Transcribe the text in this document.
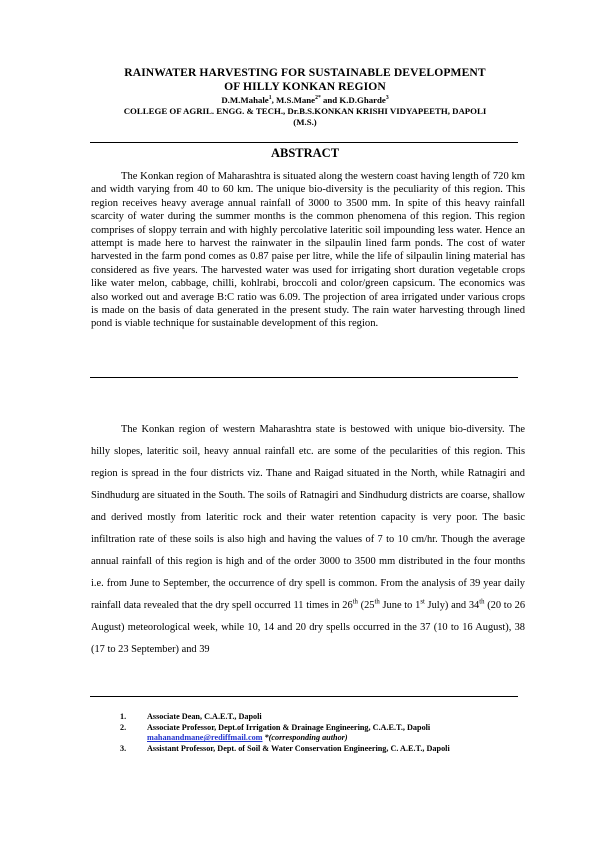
RAINWATER HARVESTING FOR SUSTAINABLE DEVELOPMENT
OF HILLY KONKAN REGION
D.M.Mahale$^1$, M.S.Mane$^{2*}$ and K.D.Gharde$^3$
COLLEGE OF AGRIL. ENGG. & TECH., Dr.B.S.KONKAN KRISHI VIDYAPEETH, DAPOLI
(M.S.)
ABSTRACT

The Konkan region of Maharashtra is situated along the western coast having length of 720 km and width varying from 40 to 60 km. The unique bio-diversity is the peculiarity of this region. This region receives heavy average annual rainfall of 3000 to 3500 mm. In spite of this heavy rainfall scarcity of water during the summer months is the common phenomena of this region. This region comprises of sloppy terrain and with highly percolative lateritic soil impounding less water. Hence an attempt is made here to harvest the rainwater in the silpaulin lined farm ponds. The cost of water harvested in the farm pond comes as 0.87 paise per litre, while the life of silpaulin lining material has considered as five years. The harvested water was used for irrigating short duration vegetable crops like water melon, cabbage, chilli, kohlrabi, broccoli and color/green capsicum. The economics was also worked out and average B:C ratio was 6.09. The projection of area irrigated under various crops is made on the basis of data generated in the present study. The rain water harvesting through lined pond is viable technique for sustainable development of this region.

The Konkan region of western Maharashtra state is bestowed with unique bio-diversity. The hilly slopes, lateritic soil, heavy annual rainfall etc. are some of the pecularities of this region. This region is spread in the four districts viz. Thane and Raigad situated in the North, while Ratnagiri and Sindhudurg are situated in the South. The soils of Ratnagiri and Sindhudurg districts are coarse, shallow and derived mostly from lateritic rock and their water retention capacity is very poor. The basic infiltration rate of these soils is also high and having the values of 7 to 10 cm/hr. Though the average annual rainfall of this region is high and of the order 3000 to 3500 mm distributed in the four months i.e. from June to September, the occurrence of dry spell is common. From the analysis of 39 year daily rainfall data revealed that the dry spell occurred 11 times in 26th (25th June to 1st July) and 34th (20 to 26 August) meteorological week, while 10, 14 and 20 dry spells occurred in the 37 (10 to 16 August), 38 (17 to 23 September) and 39

1.	Associate Dean, C.A.E.T., Dapoli
2.	Associate Professor, Dept.of Irrigation & Drainage Engineering, C.A.E.T., Dapoli
mahanandmane@rediffmail.com *(corresponding author)
3.	Assistant Professor, Dept. of Soil & Water Conservation Engineering, C. A.E.T., Dapoli
